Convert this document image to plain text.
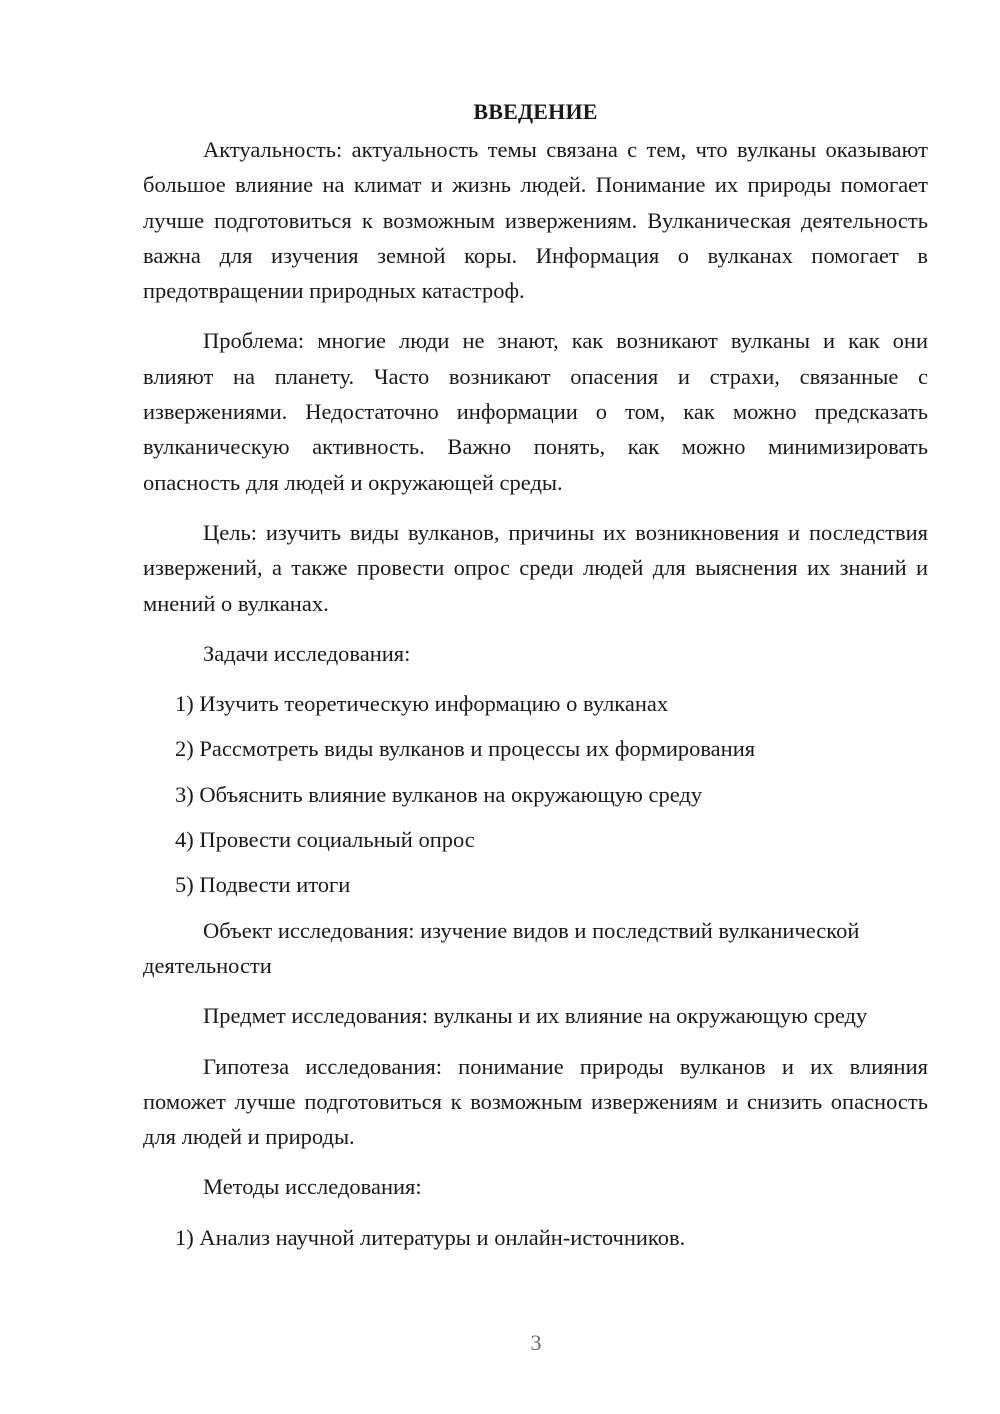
ВВЕДЕНИЕ

Актуальность: актуальность темы связана с тем, что вулканы оказывают большое влияние на климат и жизнь людей. Понимание их природы помогает лучше подготовиться к возможным извержениям. Вулканическая деятельность важна для изучения земной коры. Информация о вулканах помогает в предотвращении природных катастроф.

Проблема: многие люди не знают, как возникают вулканы и как они влияют на планету. Часто возникают опасения и страхи, связанные с извержениями. Недостаточно информации о том, как можно предсказать вулканическую активность. Важно понять, как можно минимизировать опасность для людей и окружающей среды.

Цель: изучить виды вулканов, причины их возникновения и последствия извержений, а также провести опрос среди людей для выяснения их знаний и мнений о вулканах.

Задачи исследования:

1) Изучить теоретическую информацию о вулканах
2) Рассмотреть виды вулканов и процессы их формирования
3) Объяснить влияние вулканов на окружающую среду
4) Провести социальный опрос
5) Подвести итоги

Объект исследования: изучение видов и последствий вулканической деятельности

Предмет исследования: вулканы и их влияние на окружающую среду

Гипотеза исследования: понимание природы вулканов и их влияния поможет лучше подготовиться к возможным извержениям и снизить опасность для людей и природы.

Методы исследования:

1) Анализ научной литературы и онлайн-источников.
3
